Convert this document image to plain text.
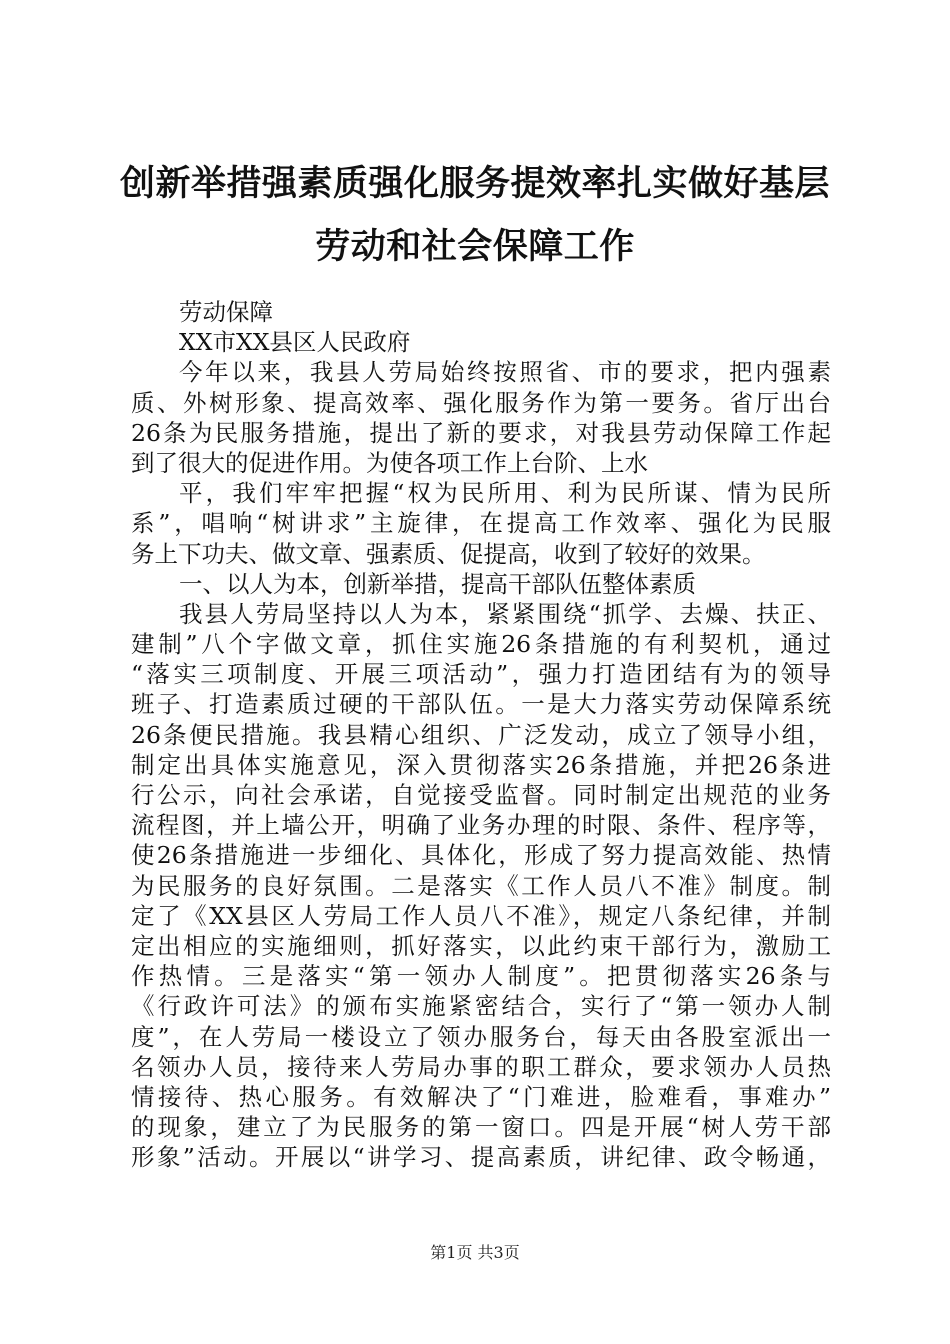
创新举措强素质强化服务提效率扎实做好基层
劳动和社会保障工作
劳动保障
XX市XX县区人民政府
今年以来，我县人劳局始终按照省、市的要求，把内强素
质、外树形象、提高效率、强化服务作为第一要务。省厅出台
26条为民服务措施，提出了新的要求，对我县劳动保障工作起
到了很大的促进作用。为使各项工作上台阶、上水
平，我们牢牢把握“权为民所用、利为民所谋、情为民所
系”，唱响“树讲求”主旋律，在提高工作效率、强化为民服
务上下功夫、做文章、强素质、促提高，收到了较好的效果。
一、以人为本，创新举措，提高干部队伍整体素质
我县人劳局坚持以人为本，紧紧围绕“抓学、去燥、扶正、
建制”八个字做文章，抓住实施26条措施的有利契机，通过
“落实三项制度、开展三项活动”，强力打造团结有为的领导
班子、打造素质过硬的干部队伍。一是大力落实劳动保障系统
26条便民措施。我县精心组织、广泛发动，成立了领导小组，
制定出具体实施意见，深入贯彻落实26条措施，并把26条进
行公示，向社会承诺，自觉接受监督。同时制定出规范的业务
流程图，并上墙公开，明确了业务办理的时限、条件、程序等，
使26条措施进一步细化、具体化，形成了努力提高效能、热情
为民服务的良好氛围。二是落实《工作人员八不准》制度。制
定了《XX县区人劳局工作人员八不准》，规定八条纪律，并制
定出相应的实施细则，抓好落实，以此约束干部行为，激励工
作热情。三是落实“第一领办人制度”。把贯彻落实26条与
《行政许可法》的颁布实施紧密结合，实行了“第一领办人制
度”，在人劳局一楼设立了领办服务台，每天由各股室派出一
名领办人员，接待来人劳局办事的职工群众，要求领办人员热
情接待、热心服务。有效解决了“门难进，脸难看，事难办”
的现象，建立了为民服务的第一窗口。四是开展“树人劳干部
形象”活动。开展以“讲学习、提高素质，讲纪律、政令畅通，
第1页 共3页
